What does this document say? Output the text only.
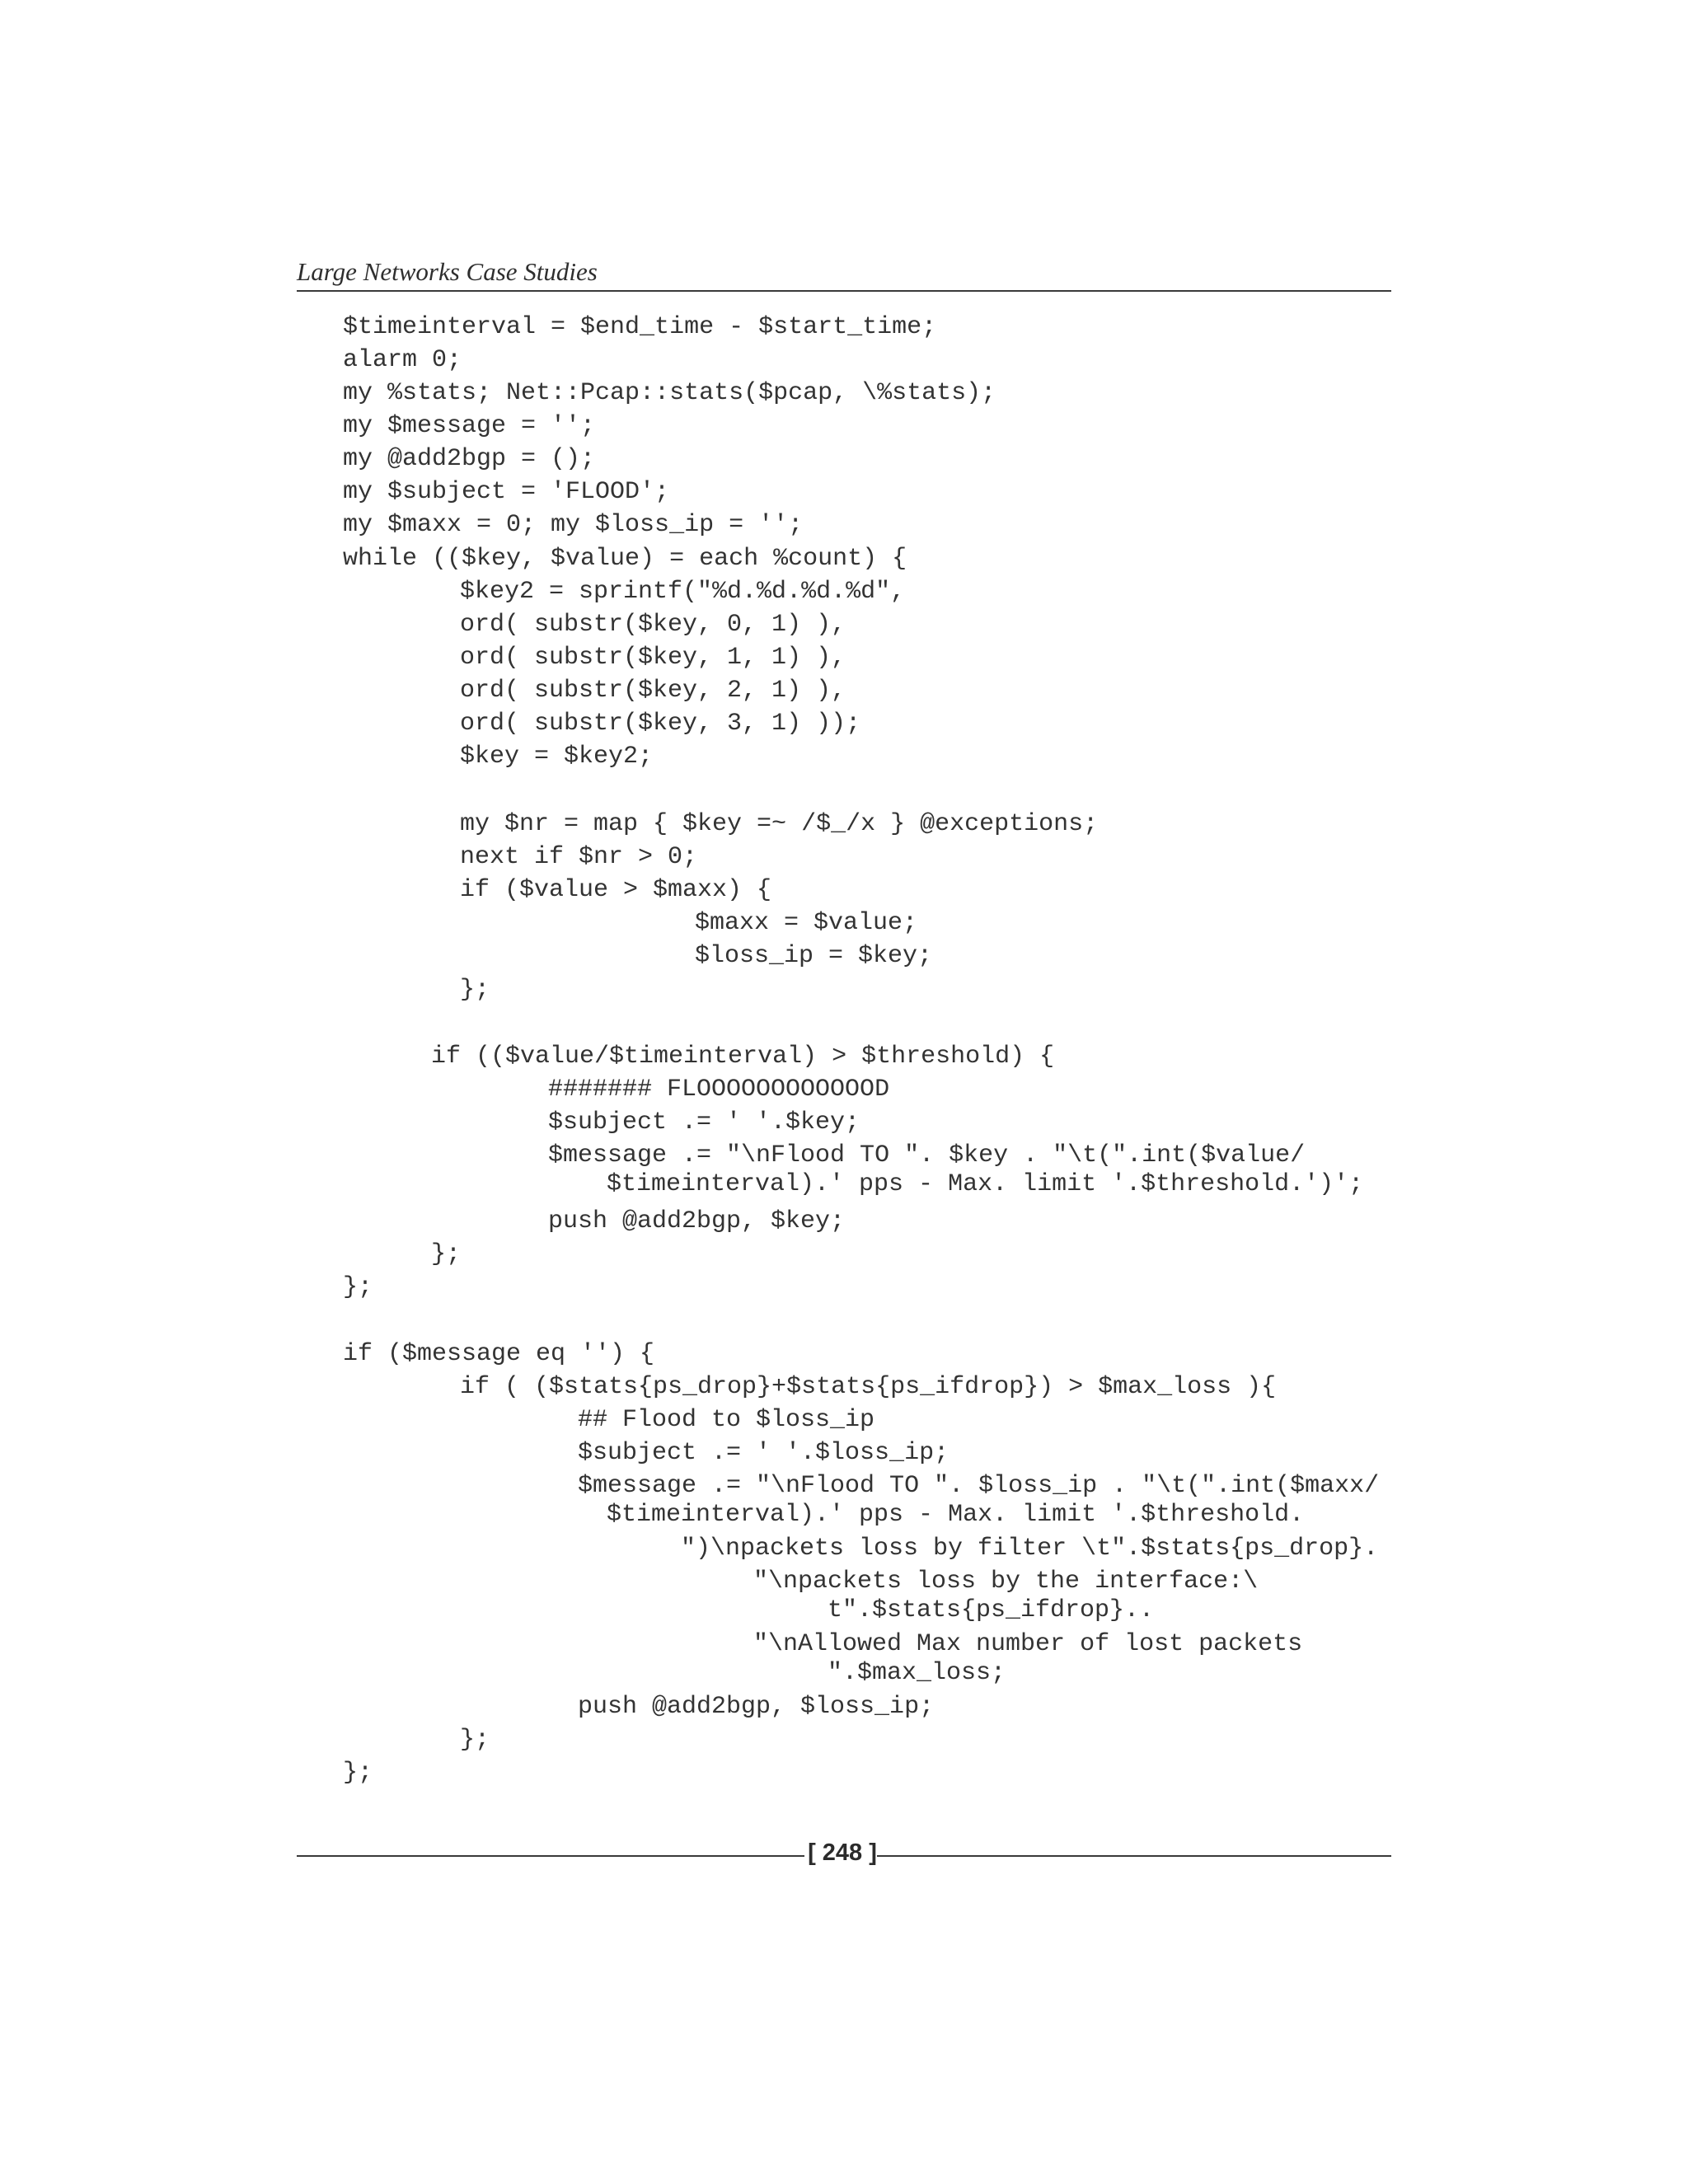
Large Networks Case Studies
$timeinterval = $end_time - $start_time;
alarm 0;
my %stats; Net::Pcap::stats($pcap, \%stats);
my $message = '';
my @add2bgp = ();
my $subject = 'FLOOD';
my $maxx = 0; my $loss_ip = '';
while (($key, $value) = each %count) {
$key2 = sprintf("%d.%d.%d.%d",
ord( substr($key, 0, 1) ),
ord( substr($key, 1, 1) ),
ord( substr($key, 2, 1) ),
ord( substr($key, 3, 1) ));
$key = $key2;
my $nr = map { $key =~ /$_/x } @exceptions;
next if $nr > 0;
if ($value > $maxx) {
$maxx = $value;
$loss_ip = $key;
};
if (($value/$timeinterval) > $threshold) {
####### FLOOOOOOOOOOOOD
$subject .= ' '.$key;
$message .= "\nFlood TO ". $key . "\t(".int($value/
$timeinterval).' pps - Max. limit '.$threshold.')';
push @add2bgp, $key;
};
};
if ($message eq '') {
if ( ($stats{ps_drop}+$stats{ps_ifdrop}) > $max_loss ){
## Flood to $loss_ip
$subject .= ' '.$loss_ip;
$message .= "\nFlood TO ". $loss_ip . "\t(".int($maxx/
$timeinterval).' pps - Max. limit '.$threshold.
")\npackets loss by filter \t".$stats{ps_drop}.
"\npackets loss by the interface:\
t".$stats{ps_ifdrop}..
"\nAllowed Max number of lost packets
".$max_loss;
push @add2bgp, $loss_ip;
};
};
[ 248 ]
